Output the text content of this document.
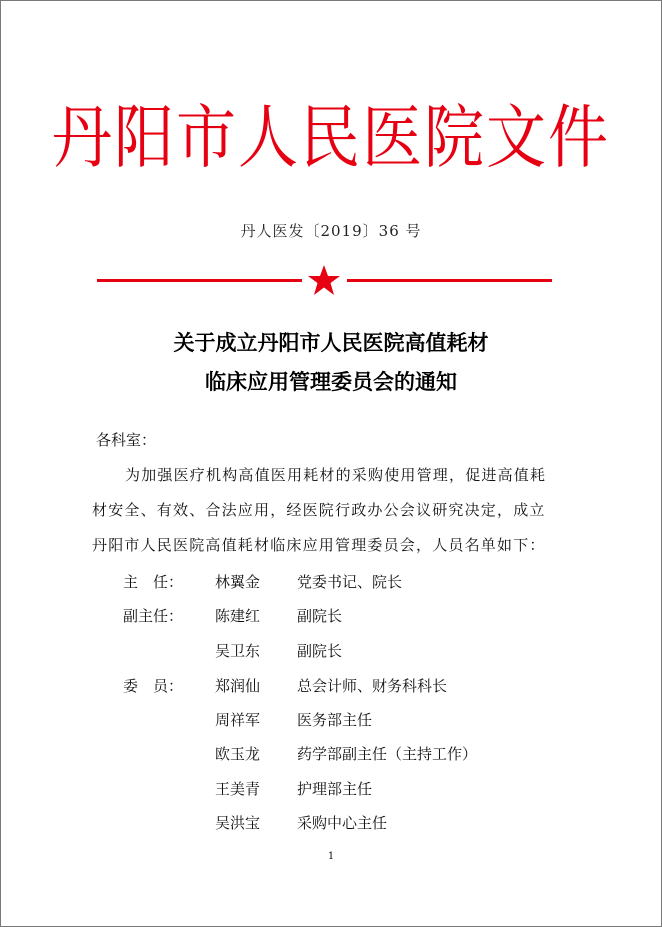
丹阳市人民医院文件
丹人医发〔2019〕36 号
关于成立丹阳市人民医院高值耗材
临床应用管理委员会的通知
各科室：
为加强医疗机构高值医用耗材的采购使用管理，促进高值耗
材安全、有效、合法应用，经医院行政办公会议研究决定，成立
丹阳市人民医院高值耗材临床应用管理委员会，人员名单如下：
主　任： 林翼金 党委书记、院长
副主任： 陈建红 副院长
吴卫东 副院长
委　员： 郑润仙 总会计师、财务科科长
周祥军 医务部主任
欧玉龙 药学部副主任（主持工作）
王美青 护理部主任
吴洪宝 采购中心主任
1
